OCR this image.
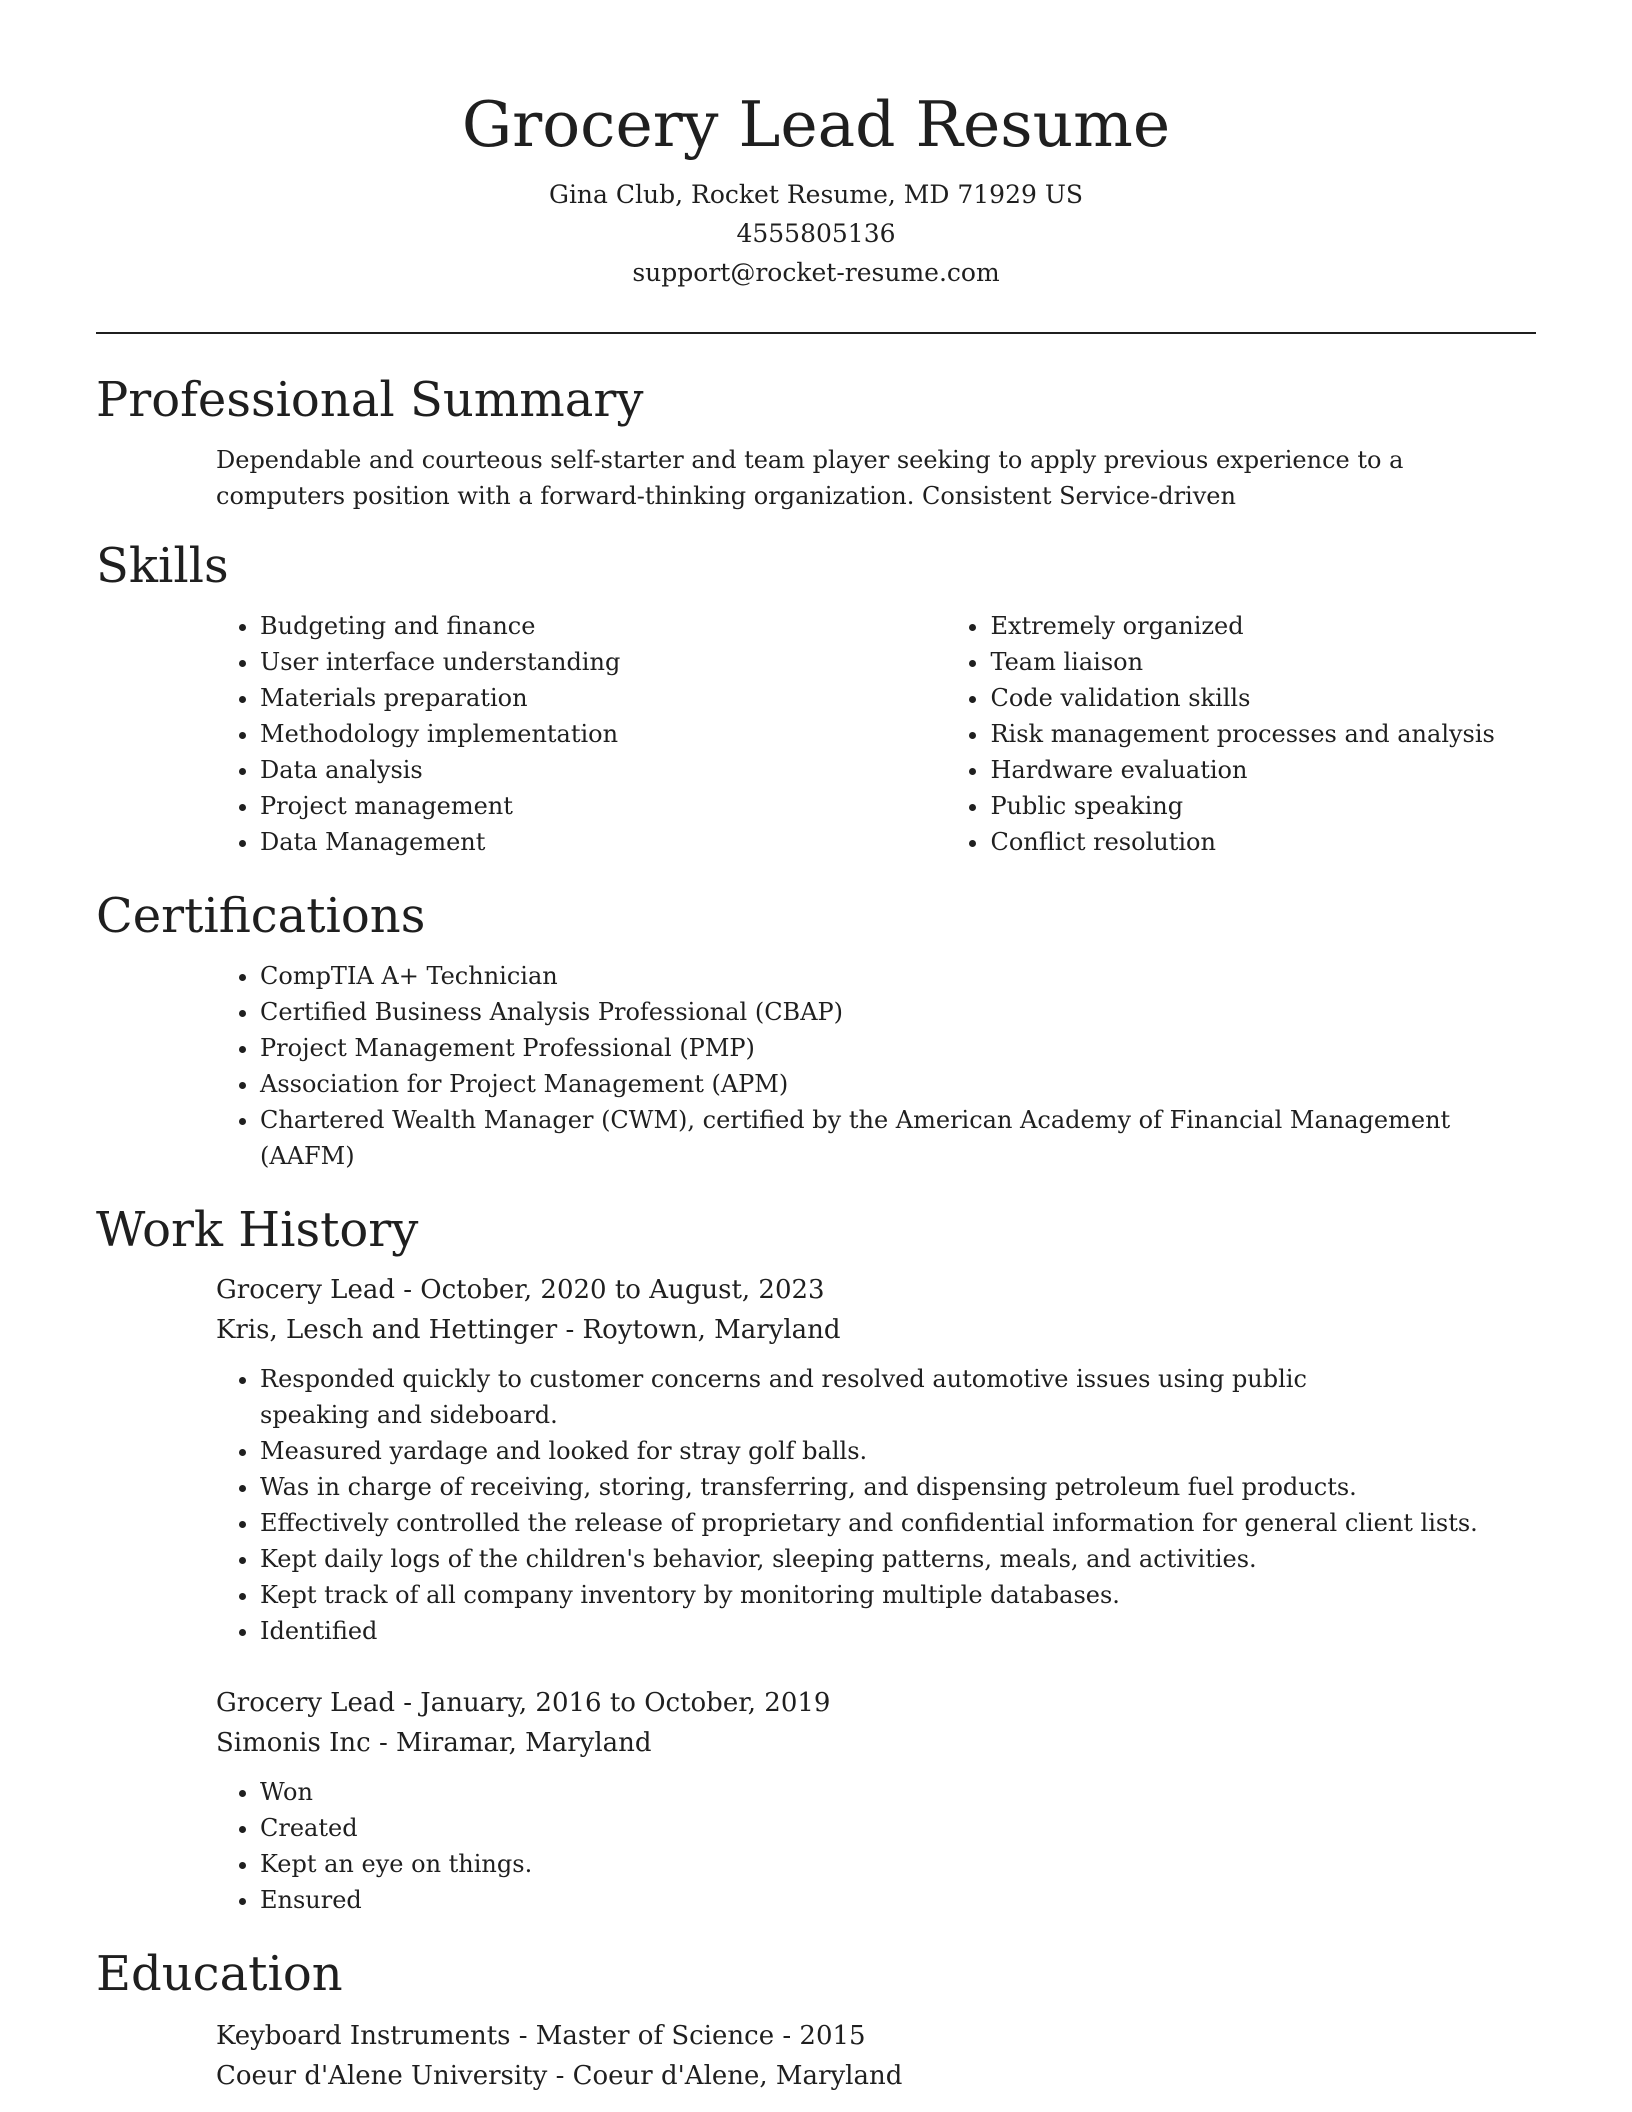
Grocery Lead Resume
Gina Club, Rocket Resume, MD 71929 US
4555805136
support@rocket-resume.com
Professional Summary

Dependable and courteous self-starter and team player seeking to apply previous experience to a computers position with a forward-thinking organization. Consistent Service-driven

Skills
• Budgeting and finance
• User interface understanding
• Materials preparation
• Methodology implementation
• Data analysis
• Project management
• Data Management
• Extremely organized
• Team liaison
• Code validation skills
• Risk management processes and analysis
• Hardware evaluation
• Public speaking
• Conflict resolution
Certifications
• CompTIA A+ Technician
• Certified Business Analysis Professional (CBAP)
• Project Management Professional (PMP)
• Association for Project Management (APM)
• Chartered Wealth Manager (CWM), certified by the American Academy of Financial Management (AAFM)
Work History
Grocery Lead - October, 2020 to August, 2023
Kris, Lesch and Hettinger - Roytown, Maryland
• Responded quickly to customer concerns and resolved automotive issues using public speaking and sideboard.
• Measured yardage and looked for stray golf balls.
• Was in charge of receiving, storing, transferring, and dispensing petroleum fuel products.
• Effectively controlled the release of proprietary and confidential information for general client lists.
• Kept daily logs of the children's behavior, sleeping patterns, meals, and activities.
• Kept track of all company inventory by monitoring multiple databases.
• Identified
Grocery Lead - January, 2016 to October, 2019
Simonis Inc - Miramar, Maryland
• Won
• Created
• Kept an eye on things.
• Ensured
Education
Keyboard Instruments - Master of Science - 2015
Coeur d'Alene University - Coeur d'Alene, Maryland
